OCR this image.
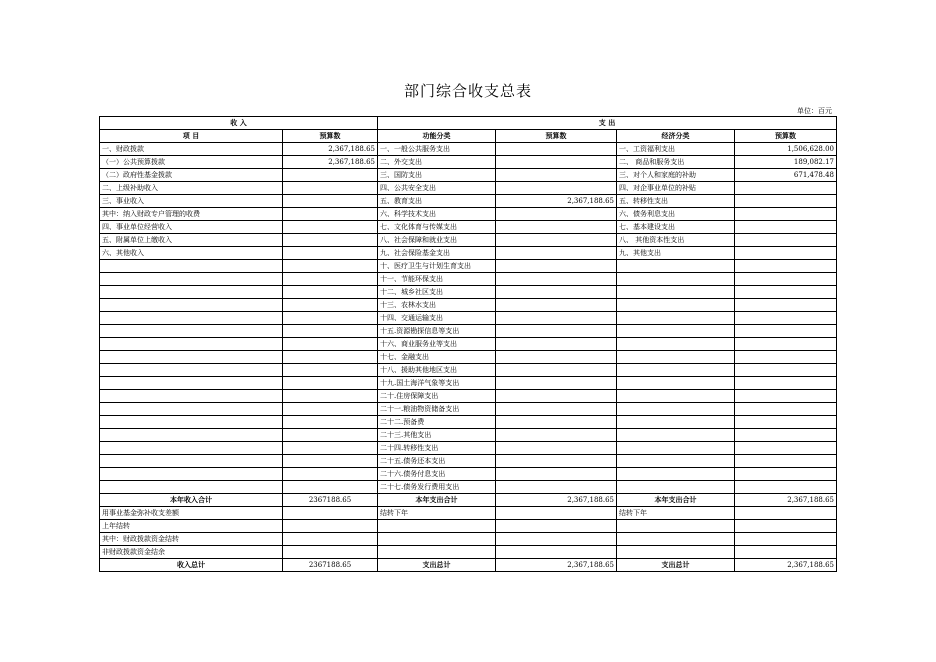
部门综合收支总表
单位：百元
收 入		支 出			
项 目	预算数	功能分类	预算数	经济分类	预算数
一、财政拨款	2,367,188.65	一、一般公共服务支出		一、工资福利支出	1,506,628.00
（一）公共预算拨款	2,367,188.65	二、外交支出		二、 商品和服务支出	189,082.17
（二）政府性基金拨款		三、国防支出		三、对个人和家庭的补助	671,478.48
二、上级补助收入		四、公共安全支出		四、对企事业单位的补贴	
三、事业收入		五、教育支出	2,367,188.65	五、转移性支出	
其中：纳入财政专户管理的收费		六、科学技术支出		六、债务利息支出	
四、事业单位经营收入		七、文化体育与传媒支出		七、基本建设支出	
五、附属单位上缴收入		八、社会保障和就业支出		八、 其他资本性支出	
六、其他收入		九、社会保险基金支出		九、其他支出	
		十、医疗卫生与计划生育支出			
		十一、节能环保支出			
		十二、城乡社区支出			
		十三、农林水支出			
		十四、交通运输支出			
		十五.资源勘探信息等支出			
		十六、商业服务业等支出			
		十七、金融支出			
		十八、援助其他地区支出			
		十九.国土海洋气象等支出			
		二十.住房保障支出			
		二十一.粮油物资储备支出			
		二十二.预备费			
		二十三.其他支出			
		二十四.转移性支出			
		二十五.债务还本支出			
		二十六.债务付息支出			
		二十七.债务发行费用支出			
本年收入合计	2367188.65	本年支出合计	2,367,188.65	本年支出合计	2,367,188.65
用事业基金弥补收支差额		结转下年		结转下年	
上年结转					
其中：财政拨款资金结转					
非财政拨款资金结余					
收入总计	2367188.65	支出总计	2,367,188.65	支出总计	2,367,188.65
